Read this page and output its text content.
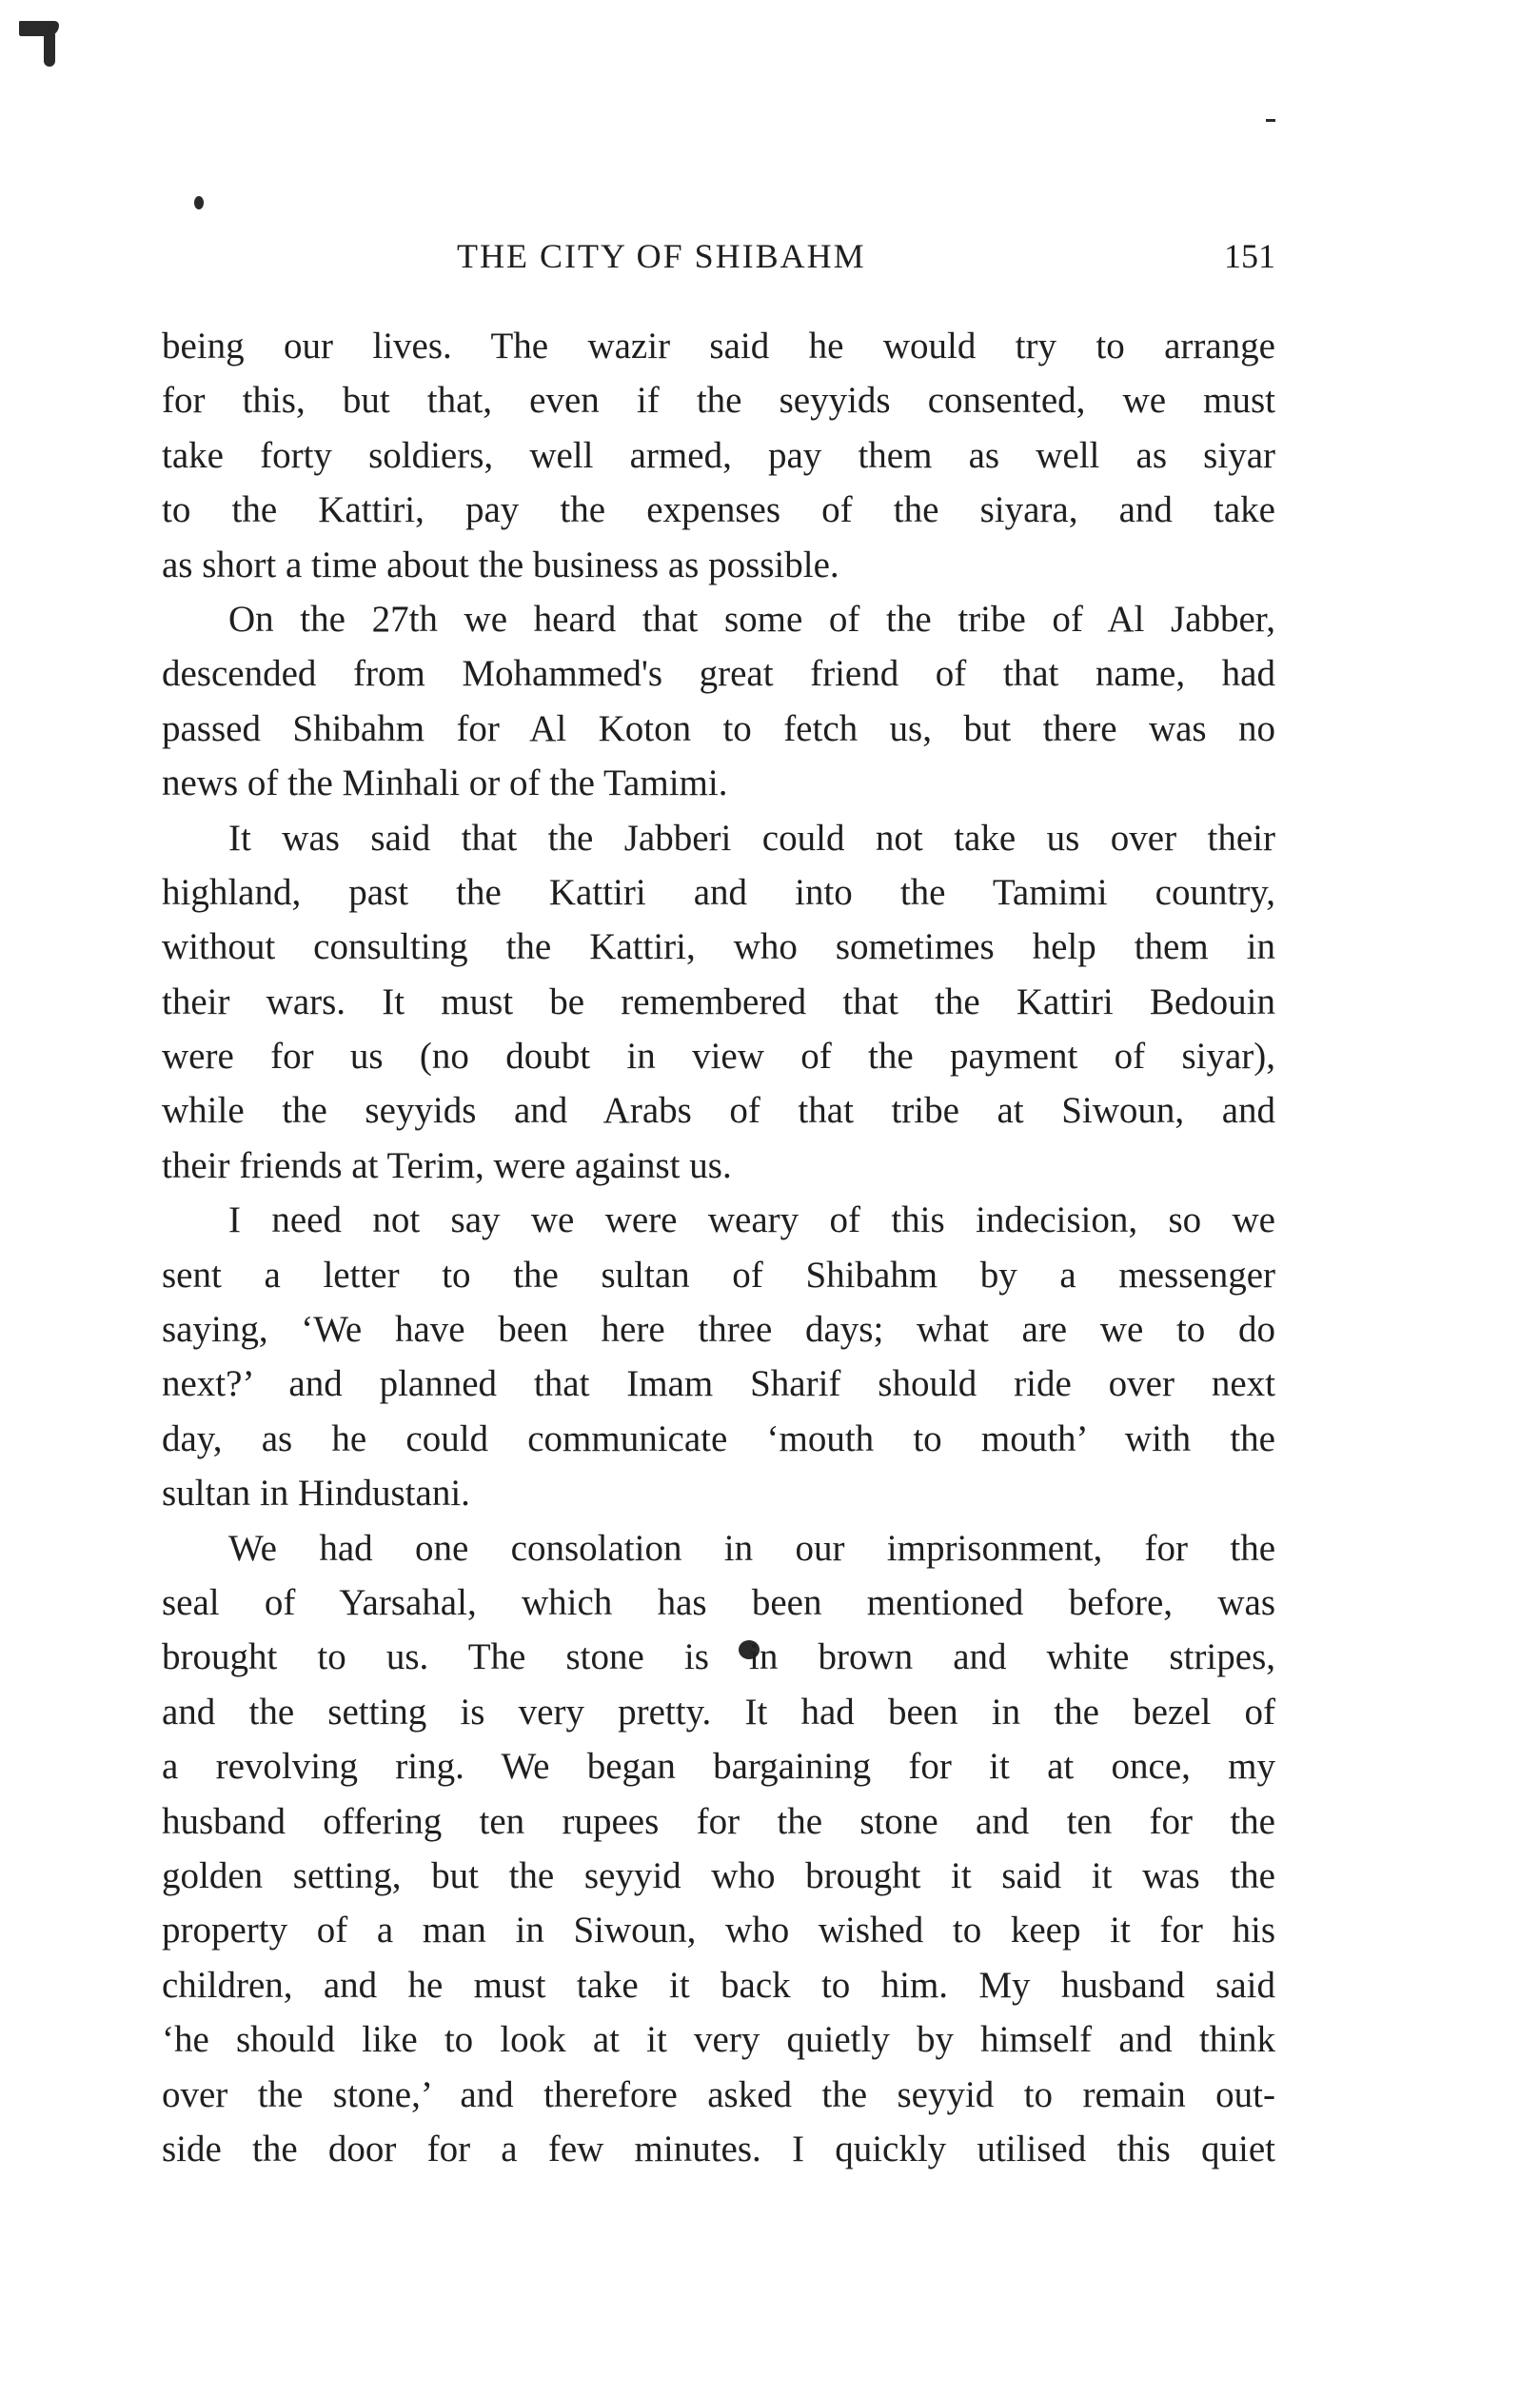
THE CITY OF SHIBAHM	151

being our lives. The wazir said he would try to arrange
for this, but that, even if the seyyids consented, we must
take forty soldiers, well armed, pay them as well as siyar
to the Kattiri, pay the expenses of the siyara, and take
as short a time about the business as possible.

On the 27th we heard that some of the tribe of Al Jabber,
descended from Mohammed's great friend of that name, had
passed Shibahm for Al Koton to fetch us, but there was no
news of the Minhali or of the Tamimi.

It was said that the Jabberi could not take us over their
highland, past the Kattiri and into the Tamimi country,
without consulting the Kattiri, who sometimes help them in
their wars. It must be remembered that the Kattiri Bedouin
were for us (no doubt in view of the payment of siyar),
while the seyyids and Arabs of that tribe at Siwoun, and
their friends at Terim, were against us.

I need not say we were weary of this indecision, so we
sent a letter to the sultan of Shibahm by a messenger
saying, ‘We have been here three days; what are we to do
next?’ and planned that Imam Sharif should ride over next
day, as he could communicate ‘mouth to mouth’ with the
sultan in Hindustani.

We had one consolation in our imprisonment, for the
seal of Yarsahal, which has been mentioned before, was
brought to us. The stone is in brown and white stripes,
and the setting is very pretty. It had been in the bezel of
a revolving ring. We began bargaining for it at once, my
husband offering ten rupees for the stone and ten for the
golden setting, but the seyyid who brought it said it was the
property of a man in Siwoun, who wished to keep it for his
children, and he must take it back to him. My husband said
‘he should like to look at it very quietly by himself and think
over the stone,’ and therefore asked the seyyid to remain out-
side the door for a few minutes. I quickly utilised this quiet
